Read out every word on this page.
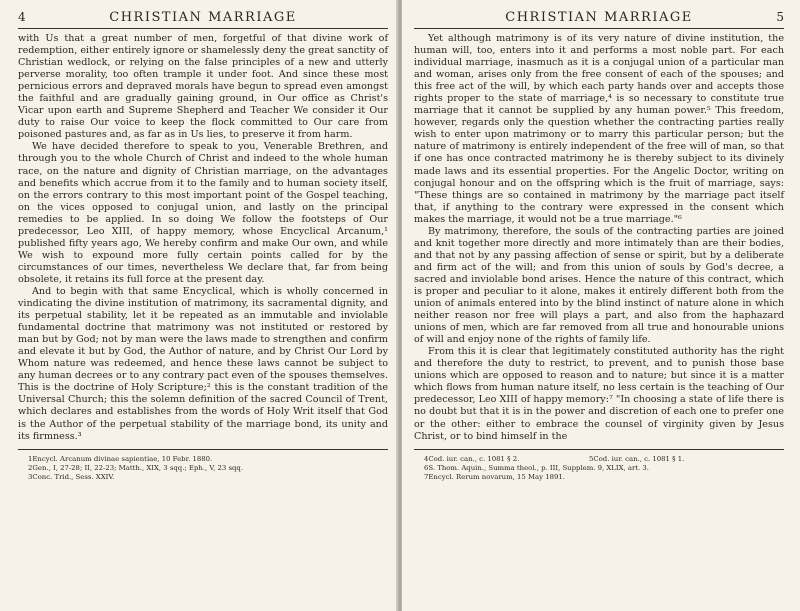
4	CHRISTIAN MARRIAGE

with Us that a great number of men, forgetful of that divine work of redemption, either entirely ignore or shamelessly deny the great sanctity of Christian wedlock, or relying on the false principles of a new and utterly perverse morality, too often trample it under foot. And since these most pernicious errors and depraved morals have begun to spread even amongst the faithful and are gradually gaining ground, in Our office as Christ's Vicar upon earth and Supreme Shepherd and Teacher We consider it Our duty to raise Our voice to keep the flock committed to Our care from poisoned pastures and, as far as in Us lies, to preserve it from harm.

We have decided therefore to speak to you, Venerable Brethren, and through you to the whole Church of Christ and indeed to the whole human race, on the nature and dignity of Christian marriage, on the advantages and benefits which accrue from it to the family and to human society itself, on the errors contrary to this most important point of the Gospel teaching, on the vices opposed to conjugal union, and lastly on the principal remedies to be applied. In so doing We follow the footsteps of Our predecessor, Leo XIII, of happy memory, whose Encyclical Arcanum,¹ published fifty years ago, We hereby confirm and make Our own, and while We wish to expound more fully certain points called for by the circumstances of our times, nevertheless We declare that, far from being obsolete, it retains its full force at the present day.

And to begin with that same Encyclical, which is wholly concerned in vindicating the divine institution of matrimony, its sacramental dignity, and its perpetual stability, let it be repeated as an immutable and inviolable fundamental doctrine that matrimony was not instituted or restored by man but by God; not by man were the laws made to strengthen and confirm and elevate it but by God, the Author of nature, and by Christ Our Lord by Whom nature was redeemed, and hence these laws cannot be subject to any human decrees or to any contrary pact even of the spouses themselves. This is the doctrine of Holy Scripture;² this is the constant tradition of the Universal Church; this the solemn definition of the sacred Council of Trent, which declares and establishes from the words of Holy Writ itself that God is the Author of the perpetual stability of the marriage bond, its unity and its firmness.³

1Encycl. Arcanum divinae sapientiae, 10 Febr. 1880.
2Gen., I, 27-28; II, 22-23; Matth., XIX, 3 sqq.; Eph., V, 23 sqq.
3Conc. Trid., Sess. XXIV.
CHRISTIAN MARRIAGE	5

Yet although matrimony is of its very nature of divine institution, the human will, too, enters into it and performs a most noble part. For each individual marriage, inasmuch as it is a conjugal union of a particular man and woman, arises only from the free consent of each of the spouses; and this free act of the will, by which each party hands over and accepts those rights proper to the state of marriage,⁴ is so necessary to constitute true marriage that it cannot be supplied by any human power.⁵ This freedom, however, regards only the question whether the contracting parties really wish to enter upon matrimony or to marry this particular person; but the nature of matrimony is entirely independent of the free will of man, so that if one has once contracted matrimony he is thereby subject to its divinely made laws and its essential properties. For the Angelic Doctor, writing on conjugal honour and on the offspring which is the fruit of marriage, says: "These things are so contained in matrimony by the marriage pact itself that, if anything to the contrary were expressed in the consent which makes the marriage, it would not be a true marriage."⁶

By matrimony, therefore, the souls of the contracting parties are joined and knit together more directly and more intimately than are their bodies, and that not by any passing affection of sense or spirit, but by a deliberate and firm act of the will; and from this union of souls by God's decree, a sacred and inviolable bond arises. Hence the nature of this contract, which is proper and peculiar to it alone, makes it entirely different both from the union of animals entered into by the blind instinct of nature alone in which neither reason nor free will plays a part, and also from the haphazard unions of men, which are far removed from all true and honourable unions of will and enjoy none of the rights of family life.

From this it is clear that legitimately constituted authority has the right and therefore the duty to restrict, to prevent, and to punish those base unions which are opposed to reason and to nature; but since it is a matter which flows from human nature itself, no less certain is the teaching of Our predecessor, Leo XIII of happy memory:⁷ "In choosing a state of life there is no doubt but that it is in the power and discretion of each one to prefer one or the other: either to embrace the counsel of virginity given by Jesus Christ, or to bind himself in the

4Cod. iur. can., c. 1081 § 2.	5Cod. iur. can., c. 1081 § 1.
6S. Thom. Aquin., Summa theol., p. III, Supplem. 9, XLIX, art. 3.
7Encycl. Rerum novarum, 15 May 1891.
